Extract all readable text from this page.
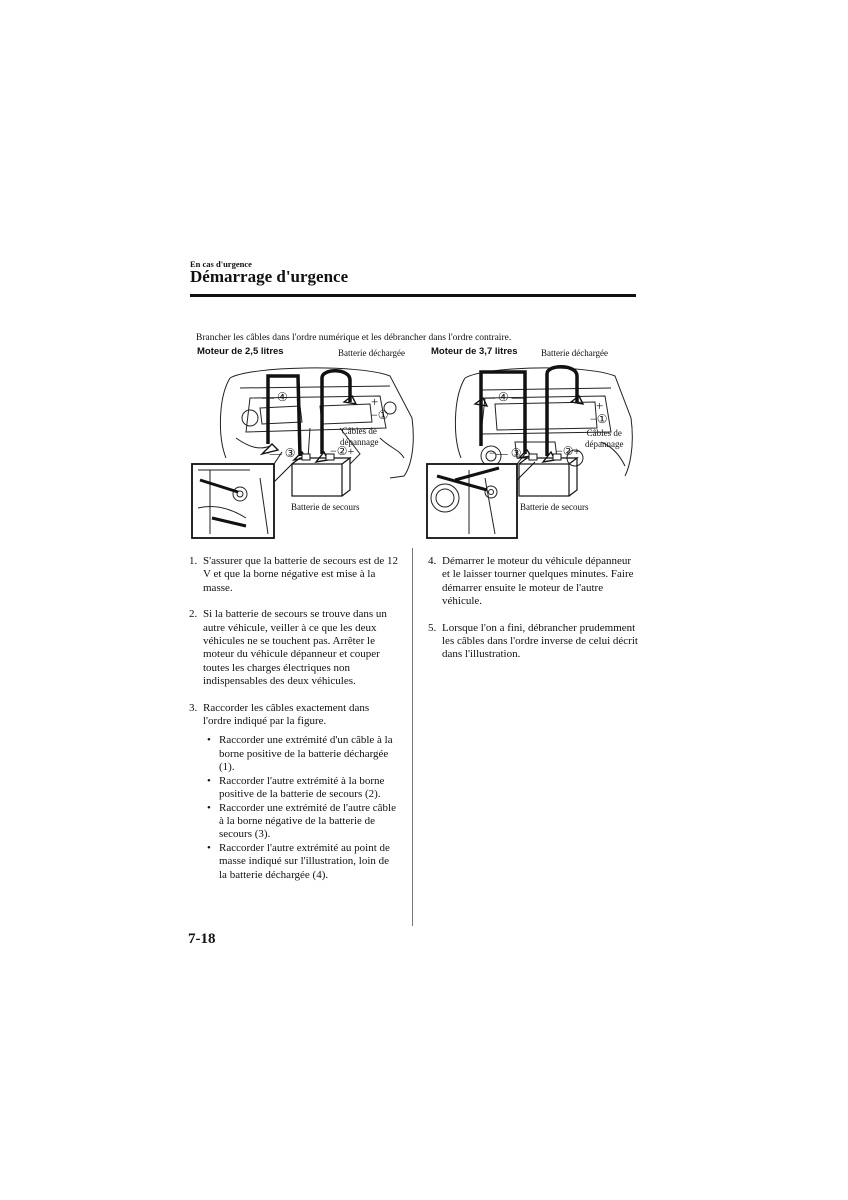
En cas d'urgence
Démarrage d'urgence
Brancher les câbles dans l'ordre numérique et les débrancher dans l'ordre contraire.
Moteur de 2,5 litres	Batterie déchargée
Câbles de
dépannage
Batterie de secours
— ④	+
−①
−— ③	−②+
Moteur de 3,7 litres	Batterie déchargée
Câbles de
dépannage
Batterie de secours
— ④ —
+
−①
−— ③	−②+
1. S'assurer que la batterie de secours est de 12 V et que la borne négative est mise à la masse.
2. Si la batterie de secours se trouve dans un autre véhicule, veiller à ce que les deux véhicules ne se touchent pas. Arrêter le moteur du véhicule dépanneur et couper toutes les charges électriques non indispensables des deux véhicules.
3. Raccorder les câbles exactement dans l'ordre indiqué par la figure.
• Raccorder une extrémité d'un câble à la borne positive de la batterie déchargée (1).
• Raccorder l'autre extrémité à la borne positive de la batterie de secours (2).
• Raccorder une extrémité de l'autre câble à la borne négative de la batterie de secours (3).
• Raccorder l'autre extrémité au point de masse indiqué sur l'illustration, loin de la batterie déchargée (4).
4. Démarrer le moteur du véhicule dépanneur et le laisser tourner quelques minutes. Faire démarrer ensuite le moteur de l'autre véhicule.
5. Lorsque l'on a fini, débrancher prudemment les câbles dans l'ordre inverse de celui décrit dans l'illustration.
7-18
